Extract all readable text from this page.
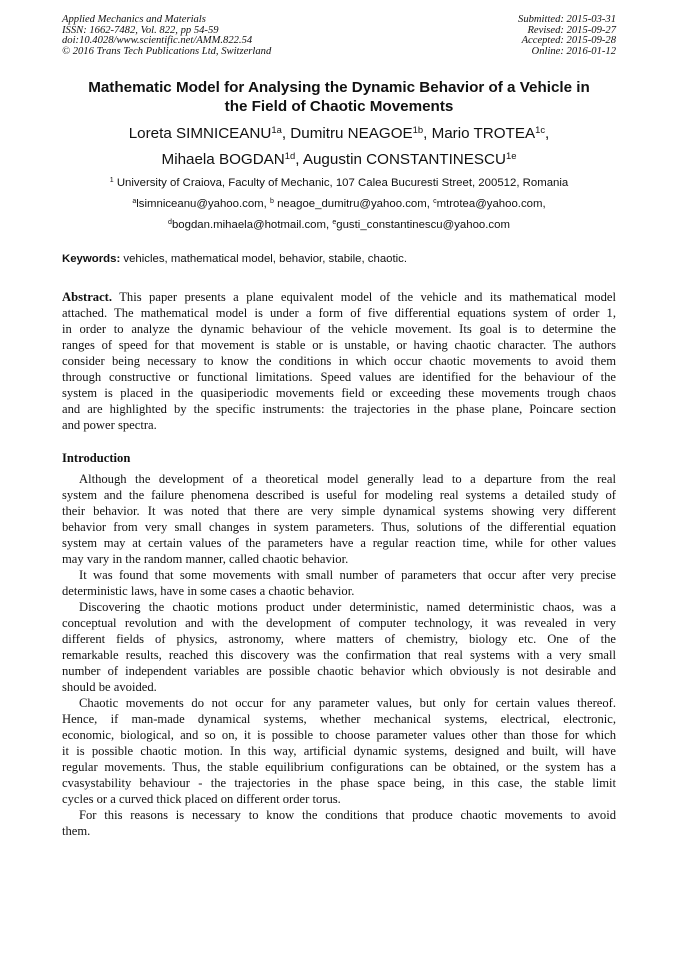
Applied Mechanics and Materials
ISSN: 1662-7482, Vol. 822, pp 54-59
doi:10.4028/www.scientific.net/AMM.822.54
© 2016 Trans Tech Publications Ltd, Switzerland
Submitted: 2015-03-31
Revised: 2015-09-27
Accepted: 2015-09-28
Online: 2016-01-12
Mathematic Model for Analysing the Dynamic Behavior of a Vehicle in
the Field of Chaotic Movements
Loreta $SIMNICEANU^{1a}$, Dumitru $NEAGOE^{1b}$, Mario $TROTEA^{1c}$,
Mihaela $BOGDAN^{1d}$, Augustin $CONSTANTINESCU^{1e}$
$^1$ University of Craiova, Faculty of Mechanic, 107 Calea Bucuresti Street, 200512, Romania
$^a$lsimniceanu@yahoo.com, $^b$ neagoe_dumitru@yahoo.com, $^c$mtrotea@yahoo.com,
$^d$bogdan.mihaela@hotmail.com, $^e$gusti_constantinescu@yahoo.com
Keywords: vehicles, mathematical model, behavior, stabile, chaotic.
Abstract. This paper presents a plane equivalent model of the vehicle and its mathematical model
attached. The mathematical model is under a form of five differential equations system of order 1,
in order to analyze the dynamic behaviour of the vehicle movement. Its goal is to determine the
ranges of speed for that movement is stable or is unstable, or having chaotic character. The authors
consider being necessary to know the conditions in which occur chaotic movements to avoid them
through constructive or functional limitations. Speed values are identified for the behaviour of the
system is placed in the quasiperiodic movements field or exceeding these movements trough chaos
and are highlighted by the specific instruments: the trajectories in the phase plane, Poincare section
and power spectra.
Introduction
Although the development of a theoretical model generally lead to a departure from the real
system and the failure phenomena described is useful for modeling real systems a detailed study of
their behavior. It was noted that there are very simple dynamical systems showing very different
behavior from very small changes in system parameters. Thus, solutions of the differential equation
system may at certain values of the parameters have a regular reaction time, while for other values
may vary in the random manner, called chaotic behavior.
It was found that some movements with small number of parameters that occur after very precise
deterministic laws, have in some cases a chaotic behavior.
Discovering the chaotic motions product under deterministic, named deterministic chaos, was a
conceptual revolution and with the development of computer technology, it was revealed in very
different fields of physics, astronomy, where matters of chemistry, biology etc. One of the
remarkable results, reached this discovery was the confirmation that real systems with a very small
number of independent variables are possible chaotic behavior which obviously is not desirable and
should be avoided.
Chaotic movements do not occur for any parameter values, but only for certain values thereof.
Hence, if man-made dynamical systems, whether mechanical systems, electrical, electronic,
economic, biological, and so on, it is possible to choose parameter values other than those for which
it is possible chaotic motion. In this way, artificial dynamic systems, designed and built, will have
regular movements. Thus, the stable equilibrium configurations can be obtained, or the system has a
cvasystability behaviour - the trajectories in the phase space being, in this case, the stable limit
cycles or a curved thick placed on different order torus.
For this reasons is necessary to know the conditions that produce chaotic movements to avoid
them.
